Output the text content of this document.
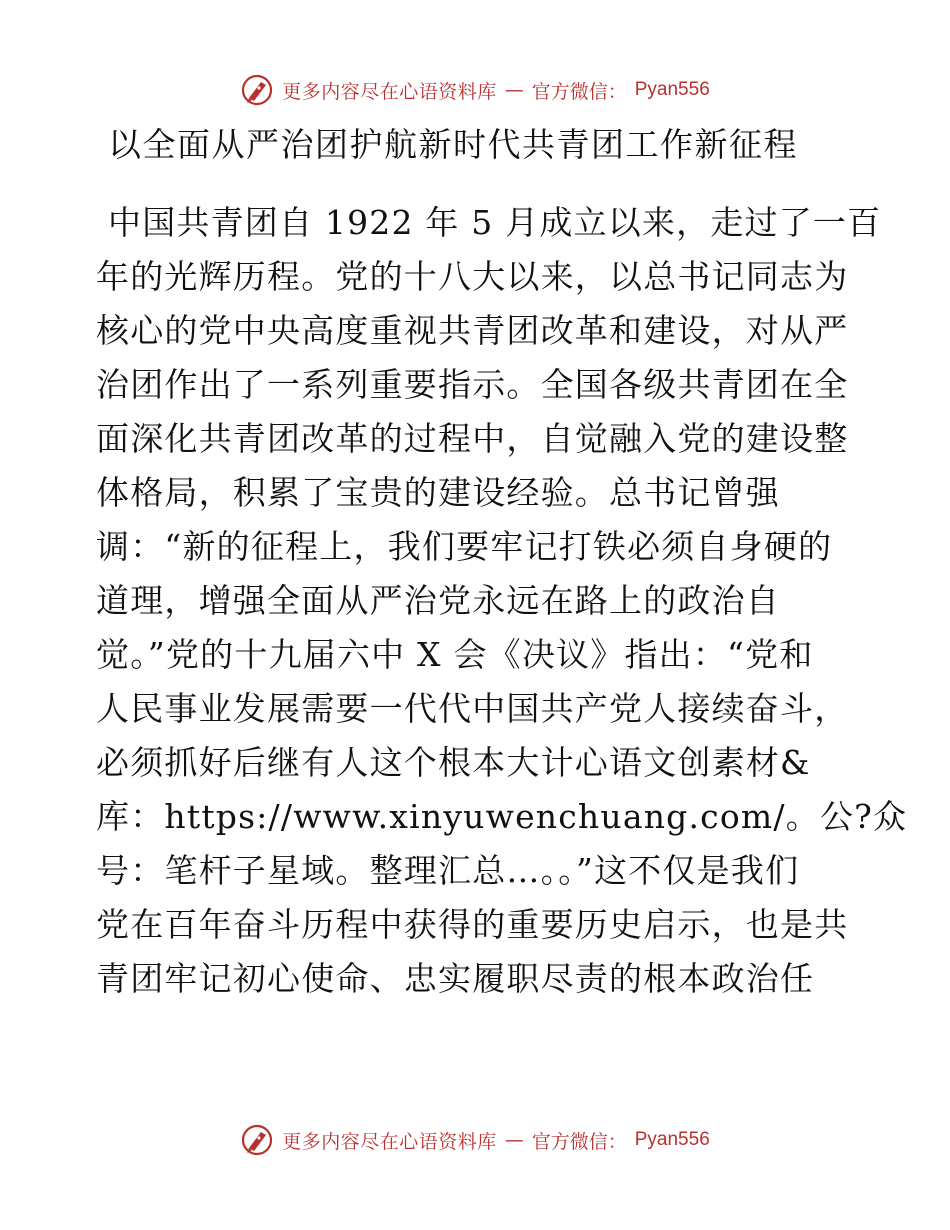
更多内容尽在心语资料库 — 官方微信： Pyan556
以全面从严治团护航新时代共青团工作新征程
中国共青团自 1922 年 5 月成立以来，走过了一百
年的光辉历程。党的十八大以来，以总书记同志为
核心的党中央高度重视共青团改革和建设，对从严
治团作出了一系列重要指示。全国各级共青团在全
面深化共青团改革的过程中，自觉融入党的建设整
体格局，积累了宝贵的建设经验。总书记曾强
调：“新的征程上，我们要牢记打铁必须自身硬的
道理，增强全面从严治党永远在路上的政治自
觉。”党的十九届六中 X 会《决议》指出：“党和
人民事业发展需要一代代中国共产党人接续奋斗，
必须抓好后继有人这个根本大计心语文创素材&
库：https://www.xinyuwenchuang.com/。公?众
号：笔杆子星域。整理汇总…。。”这不仅是我们
党在百年奋斗历程中获得的重要历史启示，也是共
青团牢记初心使命、忠实履职尽责的根本政治任
更多内容尽在心语资料库 — 官方微信： Pyan556
